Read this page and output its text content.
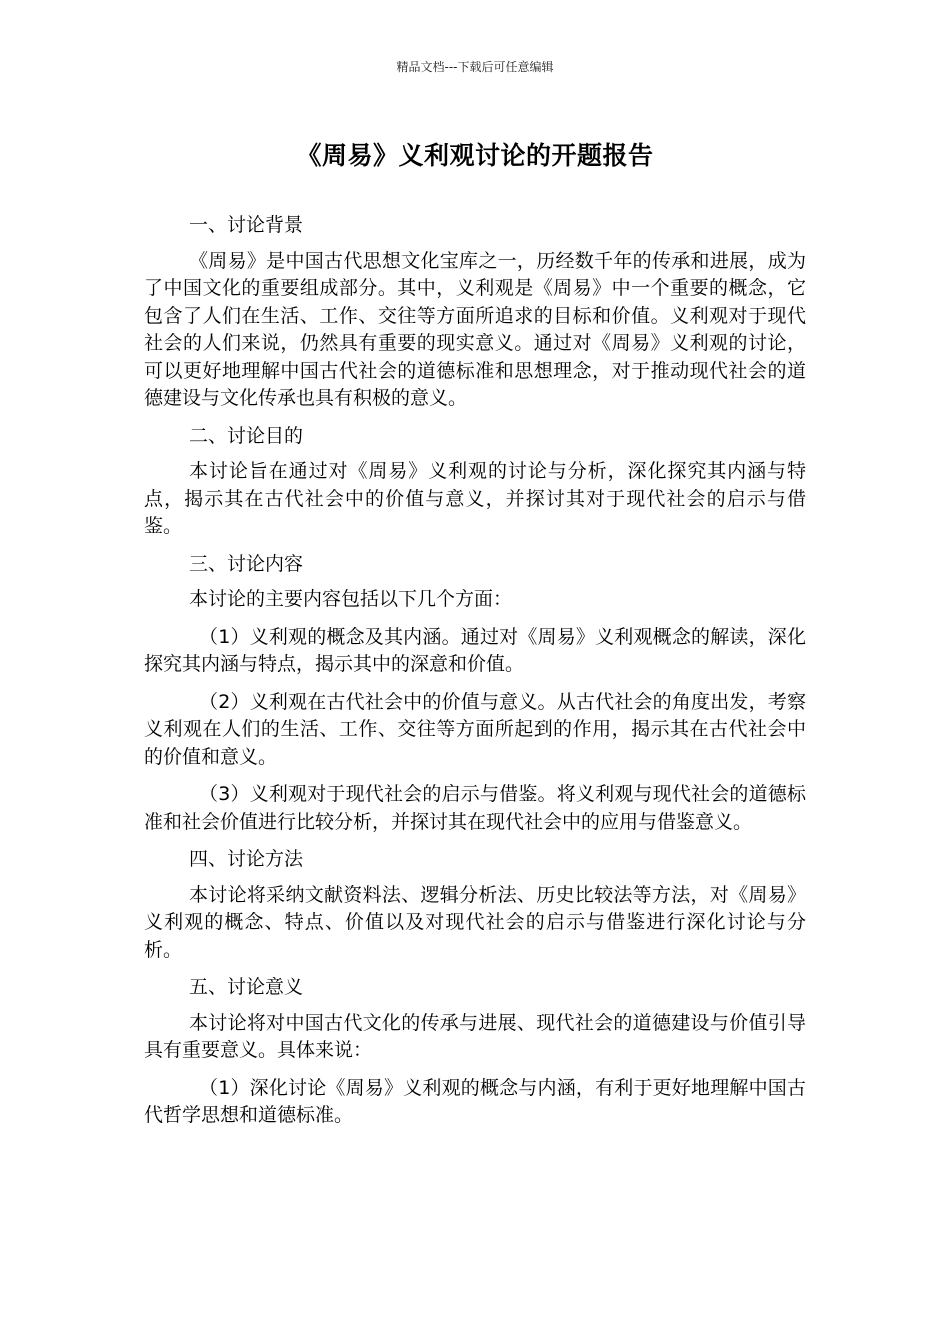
精品文档---下载后可任意编辑
《周易》义利观讨论的开题报告

一、讨论背景

《周易》是中国古代思想文化宝库之一，历经数千年的传承和进展，成为了中国文化的重要组成部分。其中，义利观是《周易》中一个重要的概念，它包含了人们在生活、工作、交往等方面所追求的目标和价值。义利观对于现代社会的人们来说，仍然具有重要的现实意义。通过对《周易》义利观的讨论，可以更好地理解中国古代社会的道德标准和思想理念，对于推动现代社会的道德建设与文化传承也具有积极的意义。

二、讨论目的

本讨论旨在通过对《周易》义利观的讨论与分析，深化探究其内涵与特点，揭示其在古代社会中的价值与意义，并探讨其对于现代社会的启示与借鉴。

三、讨论内容

本讨论的主要内容包括以下几个方面：

（1）义利观的概念及其内涵。通过对《周易》义利观概念的解读，深化探究其内涵与特点，揭示其中的深意和价值。

（2）义利观在古代社会中的价值与意义。从古代社会的角度出发，考察义利观在人们的生活、工作、交往等方面所起到的作用，揭示其在古代社会中的价值和意义。

（3）义利观对于现代社会的启示与借鉴。将义利观与现代社会的道德标准和社会价值进行比较分析，并探讨其在现代社会中的应用与借鉴意义。

四、讨论方法

本讨论将采纳文献资料法、逻辑分析法、历史比较法等方法，对《周易》义利观的概念、特点、价值以及对现代社会的启示与借鉴进行深化讨论与分析。

五、讨论意义

本讨论将对中国古代文化的传承与进展、现代社会的道德建设与价值引导具有重要意义。具体来说：

（1）深化讨论《周易》义利观的概念与内涵，有利于更好地理解中国古代哲学思想和道德标准。
